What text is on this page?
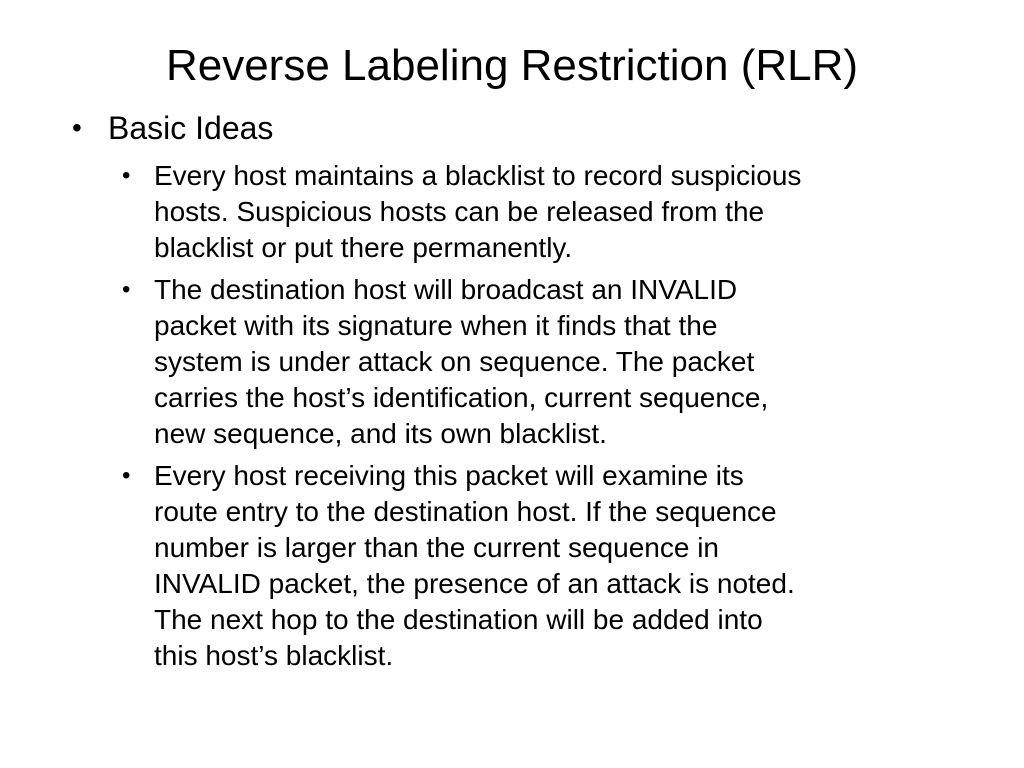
Reverse Labeling Restriction (RLR)
• Basic Ideas
• Every host maintains a blacklist to record suspicious
hosts. Suspicious hosts can be released from the
blacklist or put there permanently.
• The destination host will broadcast an INVALID
packet with its signature when it finds that the
system is under attack on sequence. The packet
carries the host’s identification, current sequence,
new sequence, and its own blacklist.
• Every host receiving this packet will examine its
route entry to the destination host. If the sequence
number is larger than the current sequence in
INVALID packet, the presence of an attack is noted.
The next hop to the destination will be added into
this host’s blacklist.
